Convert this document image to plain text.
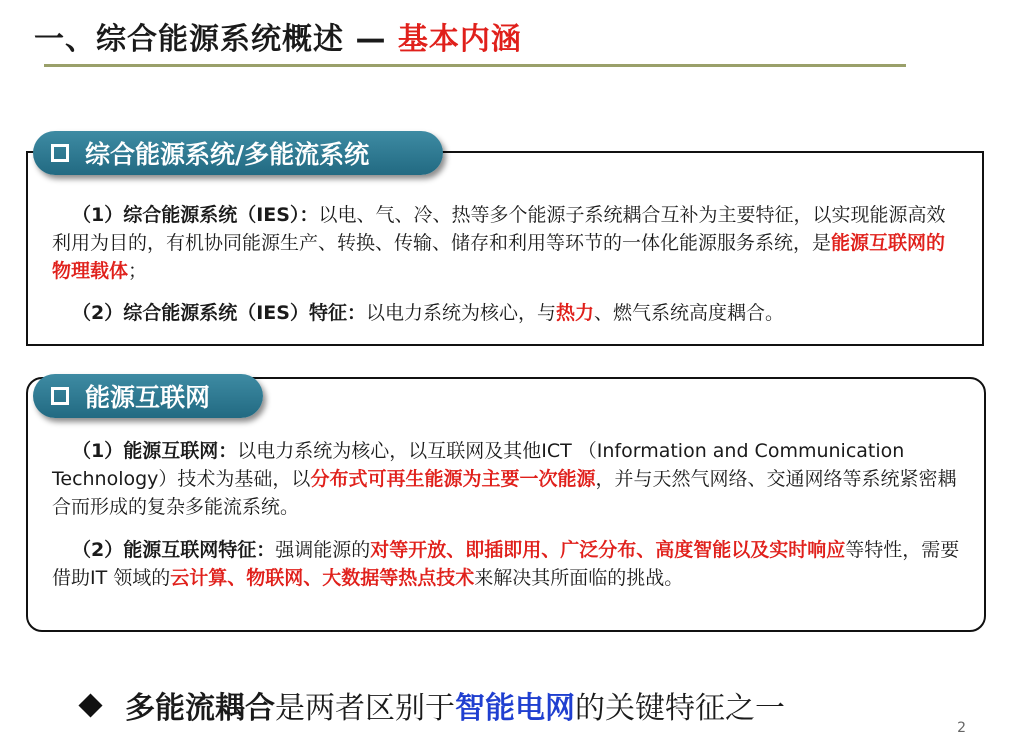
一、综合能源系统概述 — 基本内涵
综合能源系统/多能流系统
（1）综合能源系统（IES）：以电、气、冷、热等多个能源子系统耦合互补为主要特征，以实现能源高效利用为目的，有机协同能源生产、转换、传输、储存和利用等环节的一体化能源服务系统，是能源互联网的物理载体；
（2）综合能源系统（IES）特征：以电力系统为核心，与热力、燃气系统高度耦合。
能源互联网
（1）能源互联网：以电力系统为核心，以互联网及其他ICT （Information and Communication Technology）技术为基础，以分布式可再生能源为主要一次能源，并与天然气网络、交通网络等系统紧密耦合而形成的复杂多能流系统。
（2）能源互联网特征：强调能源的对等开放、即插即用、广泛分布、高度智能以及实时响应等特性，需要借助IT 领域的云计算、物联网、大数据等热点技术来解决其所面临的挑战。
多能流耦合 是两者区别于 智能电网 的关键特征之一
2
